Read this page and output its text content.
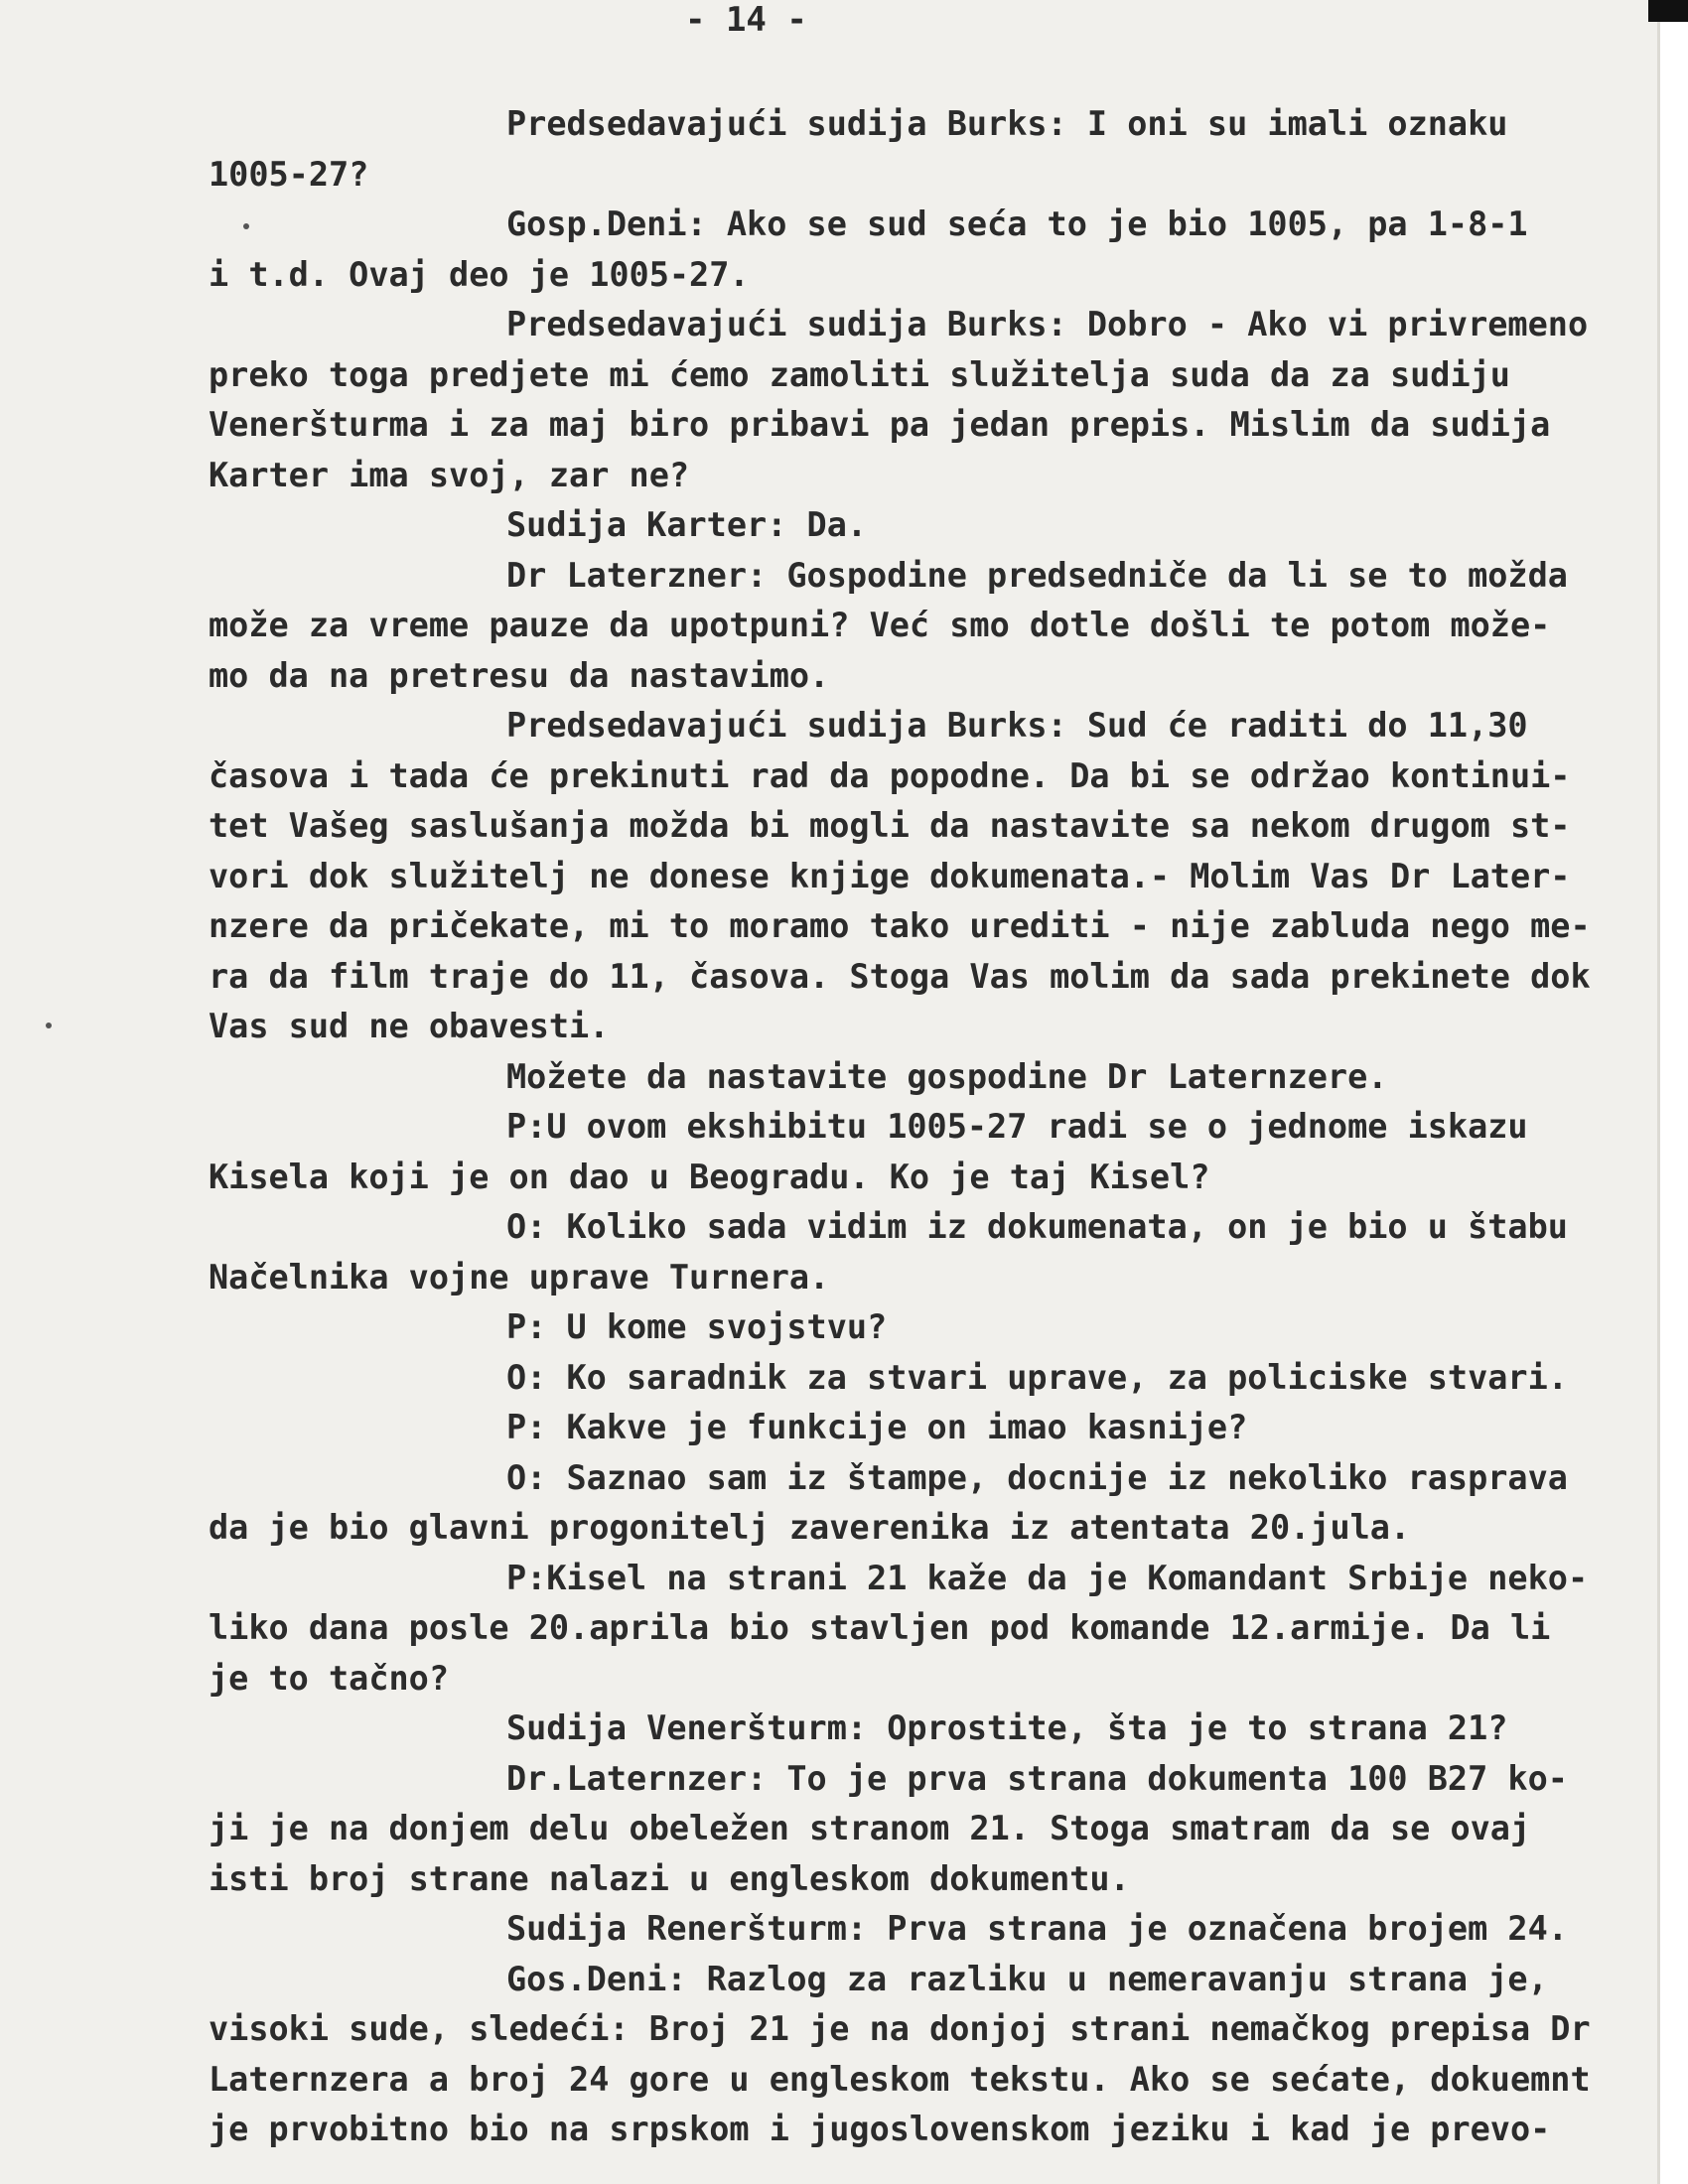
- 14 -
Predsedavajući sudija Burks: I oni su imali oznaku
1005-27?
Gosp.Deni: Ako se sud seća to je bio 1005, pa 1-8-1
i t.d. Ovaj deo je 1005-27.
Predsedavajući sudija Burks: Dobro - Ako vi privremeno
preko toga predjete mi ćemo zamoliti služitelja suda da za sudiju
Veneršturma i za maj biro pribavi pa jedan prepis. Mislim da sudija
Karter ima svoj, zar ne?
Sudija Karter: Da.
Dr Laterzner: Gospodine predsedniče da li se to možda
može za vreme pauze da upotpuni? Već smo dotle došli te potom može-
mo da na pretresu da nastavimo.
Predsedavajući sudija Burks: Sud će raditi do 11,30
časova i tada će prekinuti rad da popodne. Da bi se održao kontinui-
tet Vašeg saslušanja možda bi mogli da nastavite sa nekom drugom st-
vori dok služitelj ne donese knjige dokumenata.- Molim Vas Dr Later-
nzere da pričekate, mi to moramo tako urediti - nije zabluda nego me-
ra da film traje do 11, časova. Stoga Vas molim da sada prekinete dok
Vas sud ne obavesti.
Možete da nastavite gospodine Dr Laternzere.
P:U ovom ekshibitu 1005-27 radi se o jednome iskazu
Kisela koji je on dao u Beogradu. Ko je taj Kisel?
O: Koliko sada vidim iz dokumenata, on je bio u štabu
Načelnika vojne uprave Turnera.
P: U kome svojstvu?
O: Ko saradnik za stvari uprave, za policiske stvari.
P: Kakve je funkcije on imao kasnije?
O: Saznao sam iz štampe, docnije iz nekoliko rasprava
da je bio glavni progonitelj zaverenika iz atentata 20.jula.
P:Kisel na strani 21 kaže da je Komandant Srbije neko-
liko dana posle 20.aprila bio stavljen pod komande 12.armije. Da li
je to tačno?
Sudija Veneršturm: Oprostite, šta je to strana 21?
Dr.Laternzer: To je prva strana dokumenta 100 B27 ko-
ji je na donjem delu obeležen stranom 21. Stoga smatram da se ovaj
isti broj strane nalazi u engleskom dokumentu.
Sudija Reneršturm: Prva strana je označena brojem 24.
Gos.Deni: Razlog za razliku u nemeravanju strana je,
visoki sude, sledeći: Broj 21 je na donjoj strani nemačkog prepisa Dr
Laternzera a broj 24 gore u engleskom tekstu. Ako se sećate, dokuemnt
je prvobitno bio na srpskom i jugoslovenskom jeziku i kad je prevo-
